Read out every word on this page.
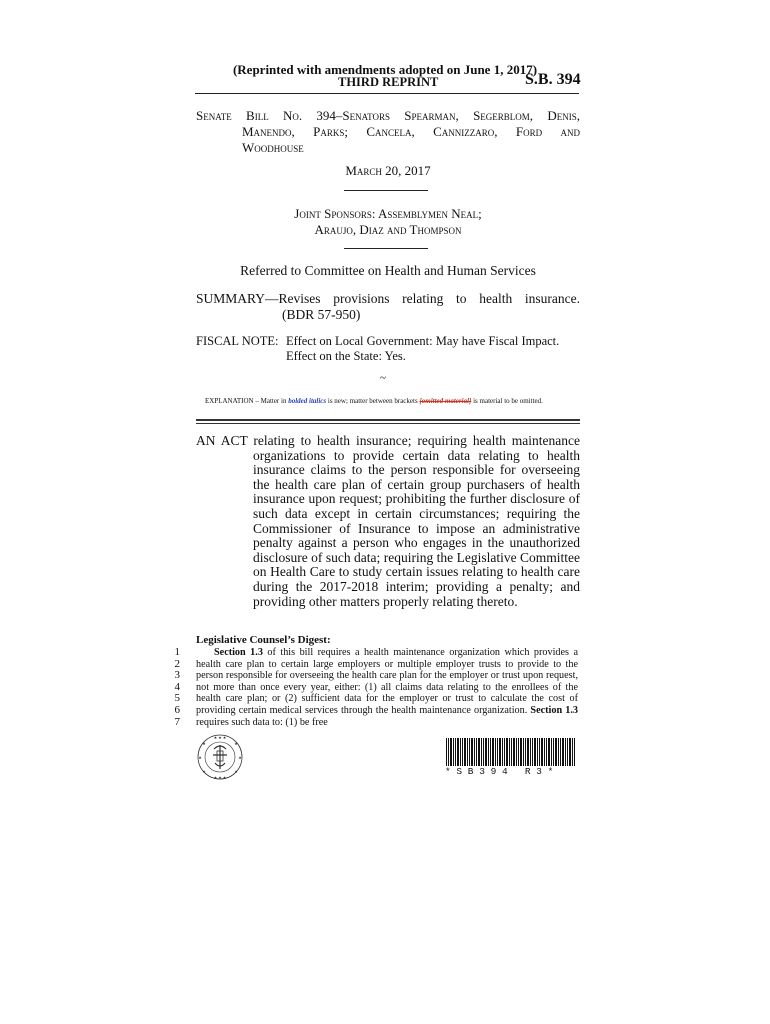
(Reprinted with amendments adopted on June 1, 2017)
THIRD REPRINT	S.B. 394
Senate Bill No. 394–Senators Spearman, Segerblom, Denis,
Manendo, Parks; Cancela, Cannizzaro, Ford and
Woodhouse
March 20, 2017
Joint Sponsors: Assemblymen Neal;
Araujo, Diaz and Thompson
Referred to Committee on Health and Human Services
SUMMARY—Revises provisions relating to health insurance.
(BDR 57-950)
FISCAL NOTE: Effect on Local Government: May have Fiscal Impact.
Effect on the State: Yes.
~
EXPLANATION – Matter in bolded italics is new; matter between brackets [omitted material] is material to be omitted.
AN ACT relating to health insurance; requiring health maintenance
organizations to provide certain data relating to health insurance claims to the person responsible for overseeing the health care plan of certain group purchasers of health insurance upon request; prohibiting the further disclosure of such data except in certain circumstances; requiring the Commissioner of Insurance to impose an administrative penalty against a person who engages in the unauthorized disclosure of such data; requiring the Legislative Committee on Health Care to study certain issues relating to health care during the 2017-2018 interim; providing a penalty; and providing other matters properly relating thereto.
Legislative Counsel’s Digest:
1
2
3
4
5
6
7

Section 1.3 of this bill requires a health maintenance organization which provides a health care plan to certain large employers or multiple employer trusts to provide to the person responsible for overseeing the health care plan for the employer or trust upon request, not more than once every year, either: (1) all claims data relating to the enrollees of the health care plan; or (2) sufficient data for the employer or trust to calculate the cost of providing certain medical services through the health maintenance organization. Section 1.3 requires such data to: (1) be free

★ ★ ★
★ ★ ★
★	★
★	★
★	★	* S B 3 9 4   R 3 *
